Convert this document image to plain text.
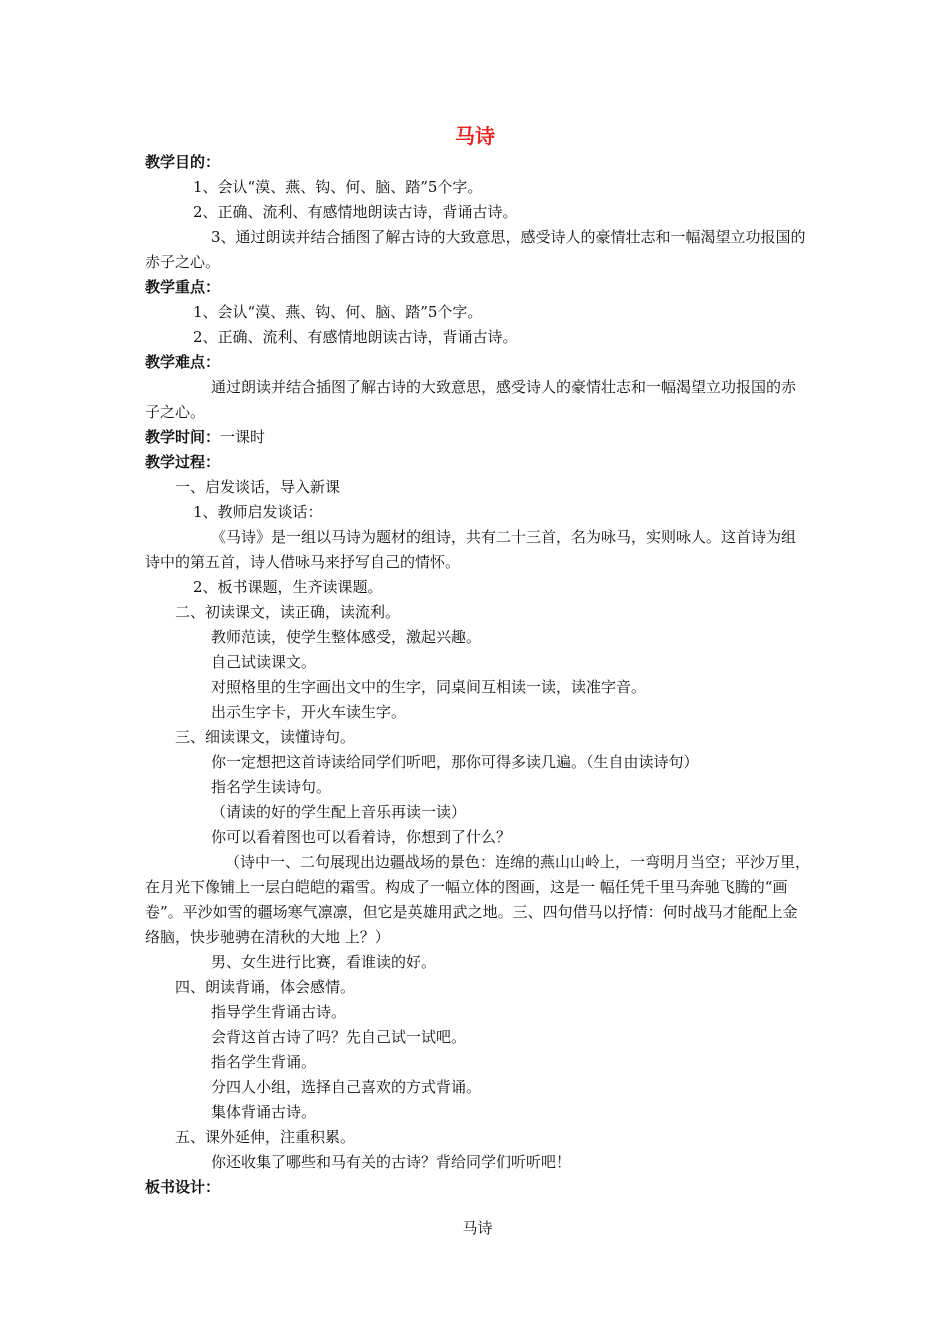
马诗
教学目的：
1、会认“漠、燕、钩、何、脑、踏”5个字。
2、正确、流利、有感情地朗读古诗，背诵古诗。
3、通过朗读并结合插图了解古诗的大致意思，感受诗人的豪情壮志和一幅渴望立功报国的赤子之心。
教学重点：
1、会认“漠、燕、钩、何、脑、踏”5个字。
2、正确、流利、有感情地朗读古诗，背诵古诗。
教学难点：
通过朗读并结合插图了解古诗的大致意思，感受诗人的豪情壮志和一幅渴望立功报国的赤子之心。
教学时间：一课时
教学过程：
一、启发谈话，导入新课
1、教师启发谈话：
《马诗》是一组以马诗为题材的组诗，共有二十三首，名为咏马，实则咏人。这首诗为组诗中的第五首，诗人借咏马来抒写自己的情怀。
2、板书课题，生齐读课题。
二、初读课文，读正确，读流利。
教师范读，使学生整体感受，激起兴趣。
自己试读课文。
对照格里的生字画出文中的生字，同桌间互相读一读，读准字音。
出示生字卡，开火车读生字。
三、细读课文，读懂诗句。
你一定想把这首诗读给同学们听吧，那你可得多读几遍。（生自由读诗句）
指名学生读诗句。
（请读的好的学生配上音乐再读一读）
你可以看着图也可以看着诗，你想到了什么？
（诗中一、二句展现出边疆战场的景色：连绵的燕山山岭上，一弯明月当空；平沙万里，在月光下像铺上一层白皑皑的霜雪。构成了一幅立体的图画，这是一 幅任凭千里马奔驰飞腾的“画卷”。平沙如雪的疆场寒气凛凛，但它是英雄用武之地。三、四句借马以抒情：何时战马才能配上金络脑，快步驰骋在清秋的大地 上？）
男、女生进行比赛，看谁读的好。
四、朗读背诵，体会感情。
指导学生背诵古诗。
会背这首古诗了吗？先自己试一试吧。
指名学生背诵。
分四人小组，选择自己喜欢的方式背诵。
集体背诵古诗。
五、课外延伸，注重积累。
你还收集了哪些和马有关的古诗？背给同学们听听吧！
板书设计：
马诗
